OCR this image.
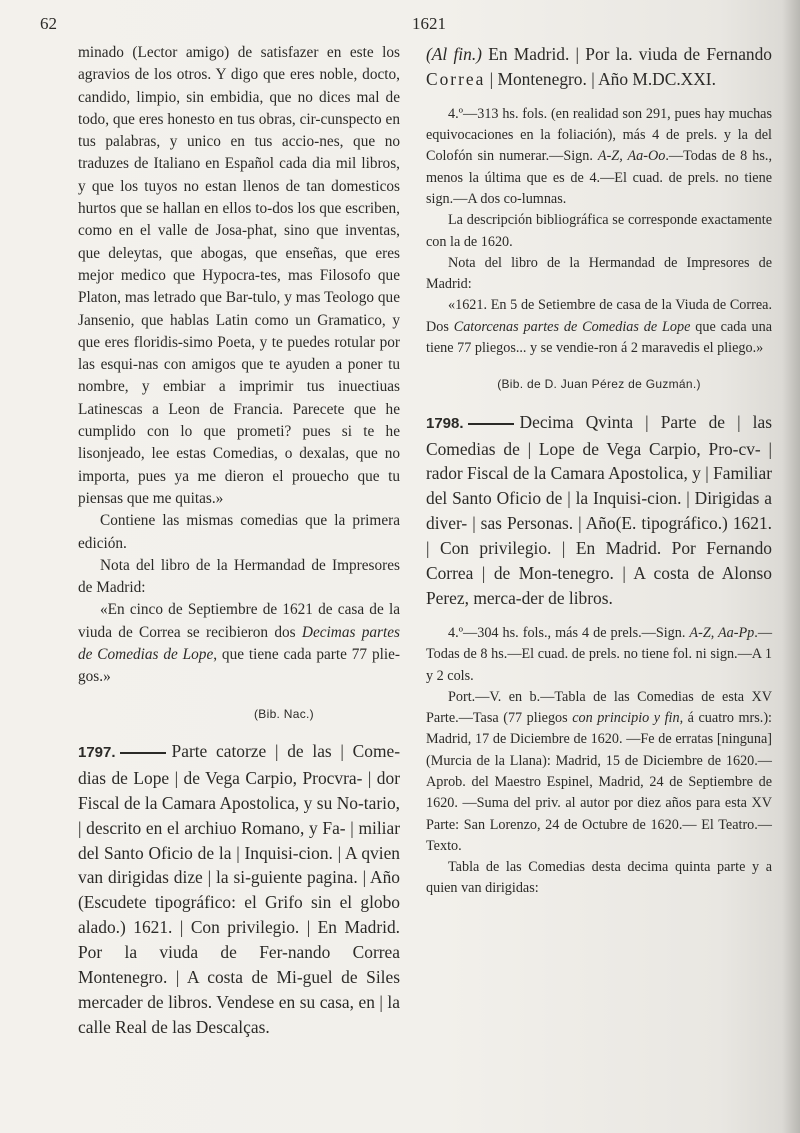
62	1621

minado (Lector amigo) de satisfazer en este los agravios de los otros. Y digo que eres noble, docto, candido, limpio, sin embidia, que no dices mal de todo, que eres honesto en tus obras, cir-cunspecto en tus palabras, y unico en tus accio-nes, que no traduzes de Italiano en Español cada dia mil libros, y que los tuyos no estan llenos de tan domesticos hurtos que se hallan en ellos to-dos los que escriben, como en el valle de Josa-phat, sino que inventas, que deleytas, que abogas, que enseñas, que eres mejor medico que Hypocra-tes, mas Filosofo que Platon, mas letrado que Bar-tulo, y mas Teologo que Jansenio, que hablas Latin como un Gramatico, y que eres floridis-simo Poeta, y te puedes rotular por las esqui-nas con amigos que te ayuden a poner tu nombre, y embiar a imprimir tus inuectiuas Latinescas a Leon de Francia. Parecete que he cumplido con lo que prometi? pues si te he lisonjeado, lee estas Comedias, o dexalas, que no importa, pues ya me dieron el prouecho que tu piensas que me quitas.»

Contiene las mismas comedias que la primera edición.

Nota del libro de la Hermandad de Impresores de Madrid:

«En cinco de Septiembre de 1621 de casa de la viuda de Correa se recibieron dos Decimas partes de Comedias de Lope, que tiene cada parte 77 plie-gos.»

(Bib. Nac.)

1797.	Parte catorze | de las | Come-dias de Lope | de Vega Carpio, Procvra- | dor Fiscal de la Camara Apostolica, y su No-tario, | descrito en el archiuo Romano, y Fa- | miliar del Santo Oficio de la | Inquisi-cion. | A qvien van dirigidas dize | la si-guiente pagina. | Año (Escudete tipográfico: el Grifo sin el globo alado.) 1621. | Con privilegio. | En Madrid. Por la viuda de Fer-nando Correa Montenegro. | A costa de Mi-guel de Siles mercader de libros. Vendese en su casa, en | la calle Real de las Descalças.

(Al fin.) En Madrid. | Por la. viuda de Fernando Correa | Montenegro. | Año M.DC.XXI.

4.º—313 hs. fols. (en realidad son 291, pues hay muchas equivocaciones en la foliación), más 4 de prels. y la del Colofón sin numerar.—Sign. A-Z, Aa-Oo.—Todas de 8 hs., menos la última que es de 4.—El cuad. de prels. no tiene sign.—A dos co-lumnas.

La descripción bibliográfica se corresponde exactamente con la de 1620.

Nota del libro de la Hermandad de Impresores de Madrid:

«1621. En 5 de Setiembre de casa de la Viuda de Correa. Dos Catorcenas partes de Comedias de Lope que cada una tiene 77 pliegos... y se vendie-ron á 2 maravedis el pliego.»

(Bib. de D. Juan Pérez de Guzmán.)

1798.	Decima Qvinta | Parte de | las Comedias de | Lope de Vega Carpio, Pro-cv- | rador Fiscal de la Camara Apostolica, y | Familiar del Santo Oficio de | la Inquisi-cion. | Dirigidas a diver- | sas Personas. | Año(E. tipográfico.) 1621. | Con privilegio. | En Madrid. Por Fernando Correa | de Mon-tenegro. | A costa de Alonso Perez, merca-der de libros.

4.º—304 hs. fols., más 4 de prels.—Sign. A-Z, Aa-Pp.—Todas de 8 hs.—El cuad. de prels. no tiene fol. ni sign.—A 1 y 2 cols.

Port.—V. en b.—Tabla de las Comedias de esta XV Parte.—Tasa (77 pliegos con principio y fin, á cuatro mrs.): Madrid, 17 de Diciembre de 1620. —Fe de erratas [ninguna] (Murcia de la Llana): Madrid, 15 de Diciembre de 1620.—Aprob. del Maestro Espinel, Madrid, 24 de Septiembre de 1620. —Suma del priv. al autor por diez años para esta XV Parte: San Lorenzo, 24 de Octubre de 1620.— El Teatro.—Texto.

Tabla de las Comedias desta decima quinta parte y a quien van dirigidas:
